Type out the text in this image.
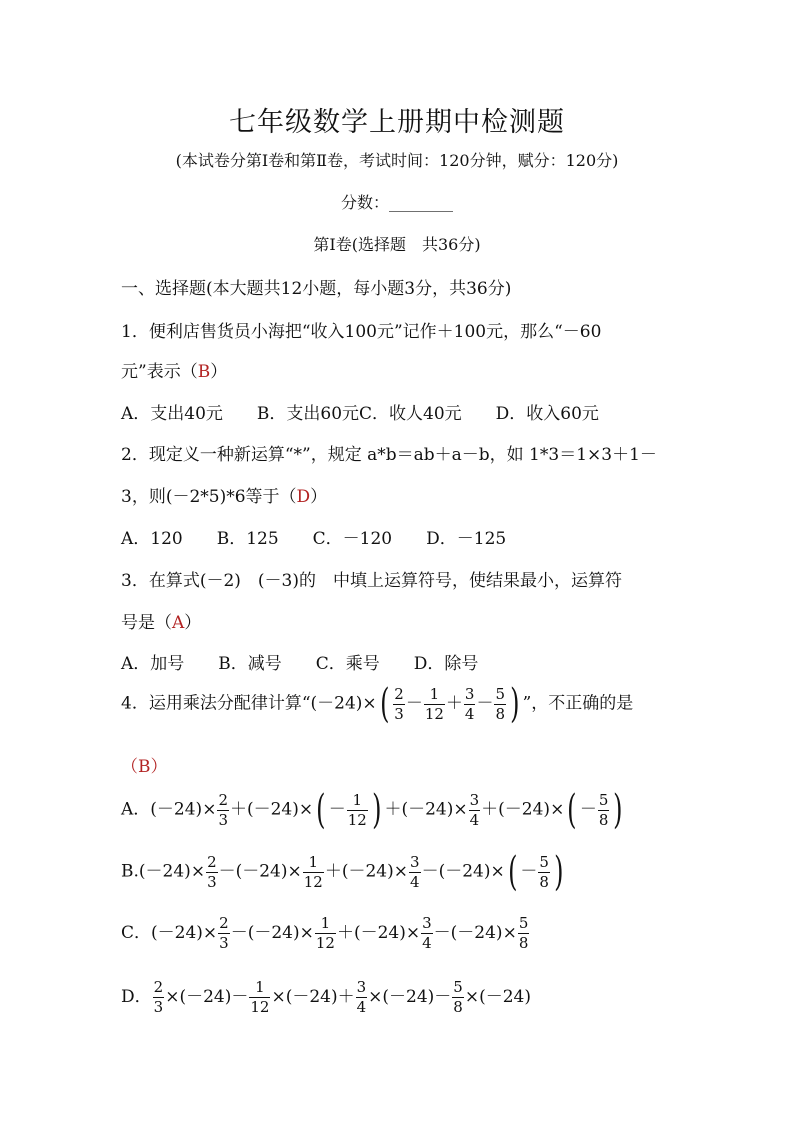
七年级数学上册期中检测题
(本试卷分第Ⅰ卷和第Ⅱ卷，考试时间：120分钟，赋分：120分)
分数：________
第Ⅰ卷(选择题　共36分)
一、选择题(本大题共12小题，每小题3分，共36分)
1．便利店售货员小海把“收入100元”记作＋100元，那么“－60
元”表示（B）
A．支出40元　　B．支出60元C．收人40元　　D．收入60元
2．现定义一种新运算“*”，规定 a*b＝ab＋a－b，如 1*3＝1×3＋1－
3，则(－2*5)*6等于（D）
A．120　　B．125　　C．－120　　D．－125
3．在算式(－2)　(－3)的　中填上运算符号，使结果最小，运算符
号是（A）
A．加号　　B．减号　　C．乘号　　D．除号
4．运用乘法分配律计算“$(-24)\times( \frac{2}{3} - \frac{1}{12} + \frac{3}{4} - \frac{5}{8}$ ) ”，不正确的是
（B）
A．$(-24)\times \frac{2}{3} +(-24)\times( - \frac{1}{12}$ ) $+(-24)\times \frac{3}{4} +(-24)\times( - \frac{5}{8}$ )
$B.(-24)\times \frac{2}{3} -(-24)\times \frac{1}{12} +(-24)\times \frac{3}{4} -(-24)\times( - \frac{5}{8}$ )
C．$(-24)\times \frac{2}{3} -(-24)\times \frac{1}{12} +(-24)\times \frac{3}{4} -(-24)\times \frac{5}{8}$
D． $\frac{2}{3} \times(-24)- \frac{1}{12} \times(-24)+ \frac{3}{4} \times(-24)- \frac{5}{8} \times(-24)$
